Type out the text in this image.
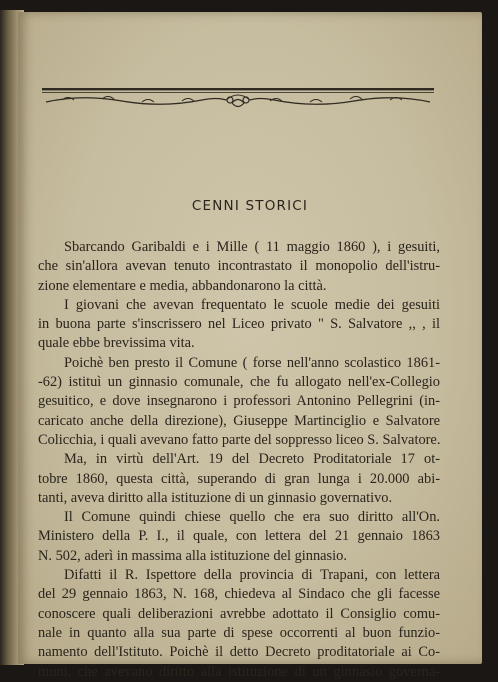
CENNI STORICI
Sbarcando Garibaldi e i Mille ( 11 maggio 1860 ), i gesuiti,
che sin'allora avevan tenuto incontrastato il monopolio dell'istru-
zione elementare e media, abbandonarono la città.
I giovani che avevan frequentato le scuole medie dei gesuiti
in buona parte s'inscrissero nel Liceo privato " S. Salvatore ,, , il
quale ebbe brevissima vita.
Poichè ben presto il Comune ( forse nell'anno scolastico 1861-
-62) istituì un ginnasio comunale, che fu allogato nell'ex-Collegio
gesuitico, e dove insegnarono i professori Antonino Pellegrini (in-
caricato anche della direzione), Giuseppe Martinciglio e Salvatore
Colicchia, i quali avevano fatto parte del soppresso liceo S. Salvatore.
Ma, in virtù dell'Art. 19 del Decreto Proditatoriale 17 ot-
tobre 1860, questa città, superando di gran lunga i 20.000 abi-
tanti, aveva diritto alla istituzione di un ginnasio governativo.
Il Comune quindi chiese quello che era suo diritto all'On.
Ministero della P. I., il quale, con lettera del 21 gennaio 1863
N. 502, aderì in massima alla istituzione del ginnasio.
Difatti il R. Ispettore della provincia di Trapani, con lettera
del 29 gennaio 1863, N. 168, chiedeva al Sindaco che gli facesse
conoscere quali deliberazioni avrebbe adottato il Consiglio comu-
nale in quanto alla sua parte di spese occorrenti al buon funzio-
namento dell'Istituto. Poichè il detto Decreto proditatoriale ai Co-
muni, che avevano diritto alla istituzione di un ginnasio governa-
